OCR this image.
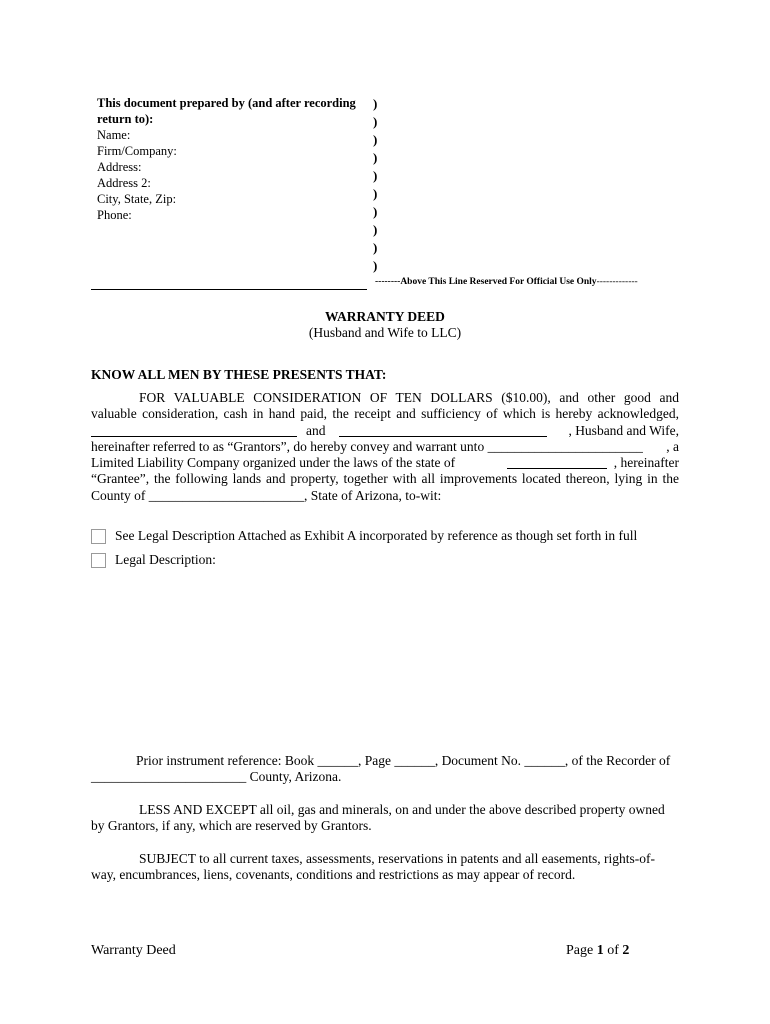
This document prepared by (and after recording return to):
Name:
Firm/Company:
Address:
Address 2:
City, State, Zip:
Phone:
)
)
)
)
)
)
)
)
)
)
--------Above This Line Reserved For Official Use Only-------------
WARRANTY DEED
(Husband and Wife to LLC)
KNOW ALL MEN BY THESE PRESENTS THAT:
FOR VALUABLE CONSIDERATION OF TEN DOLLARS ($10.00), and other good and
valuable consideration, cash in hand paid, the receipt and sufficiency of which is hereby acknowledged,
and	, Husband and Wife,
hereinafter referred to as “Grantors”, do hereby convey and warrant unto _______________________ , a
Limited Liability Company organized under the laws of the state of	, hereinafter
“Grantee”, the following lands and property, together with all improvements located thereon, lying in the
County of _______________________, State of Arizona, to-wit:
See Legal Description Attached as Exhibit A incorporated by reference as though set forth in full
Legal Description:
Prior instrument reference: Book ______, Page ______, Document No. ______, of the Recorder of
_______________________ County, Arizona.
LESS AND EXCEPT all oil, gas and minerals, on and under the above described property owned
by Grantors, if any, which are reserved by Grantors.
SUBJECT to all current taxes, assessments, reservations in patents and all easements, rights-of-
way, encumbrances, liens, covenants, conditions and restrictions as may appear of record.
Warranty Deed	Page 1 of 2
